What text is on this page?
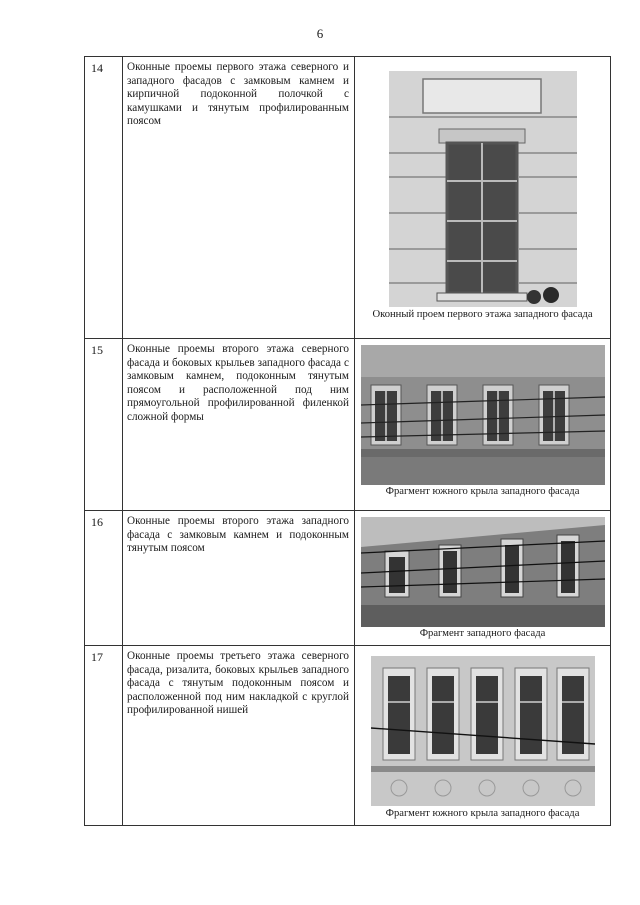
6
14	Оконные проемы первого этажа северного и западного фасадов с замковым камнем и кирпичной подоконной полочкой с камушками и тянутым профилированным поясом	Оконный проем первого этажа западного фасада

15	Оконные проемы второго этажа северного фасада и боковых крыльев западного фасада с замковым камнем, подоконным тянутым поясом и расположенной под ним прямоугольной профилированной филенкой сложной формы	Фрагмент южного крыла западного фасада

16	Оконные проемы второго этажа западного фасада с замковым камнем и подоконным тянутым поясом	Фрагмент западного фасада

17	Оконные проемы третьего этажа северного фасада, ризалита, боковых крыльев западного фасада с тянутым подоконным поясом и расположенной под ним накладкой с круглой профилированной нишей	Фрагмент южного крыла западного фасада
